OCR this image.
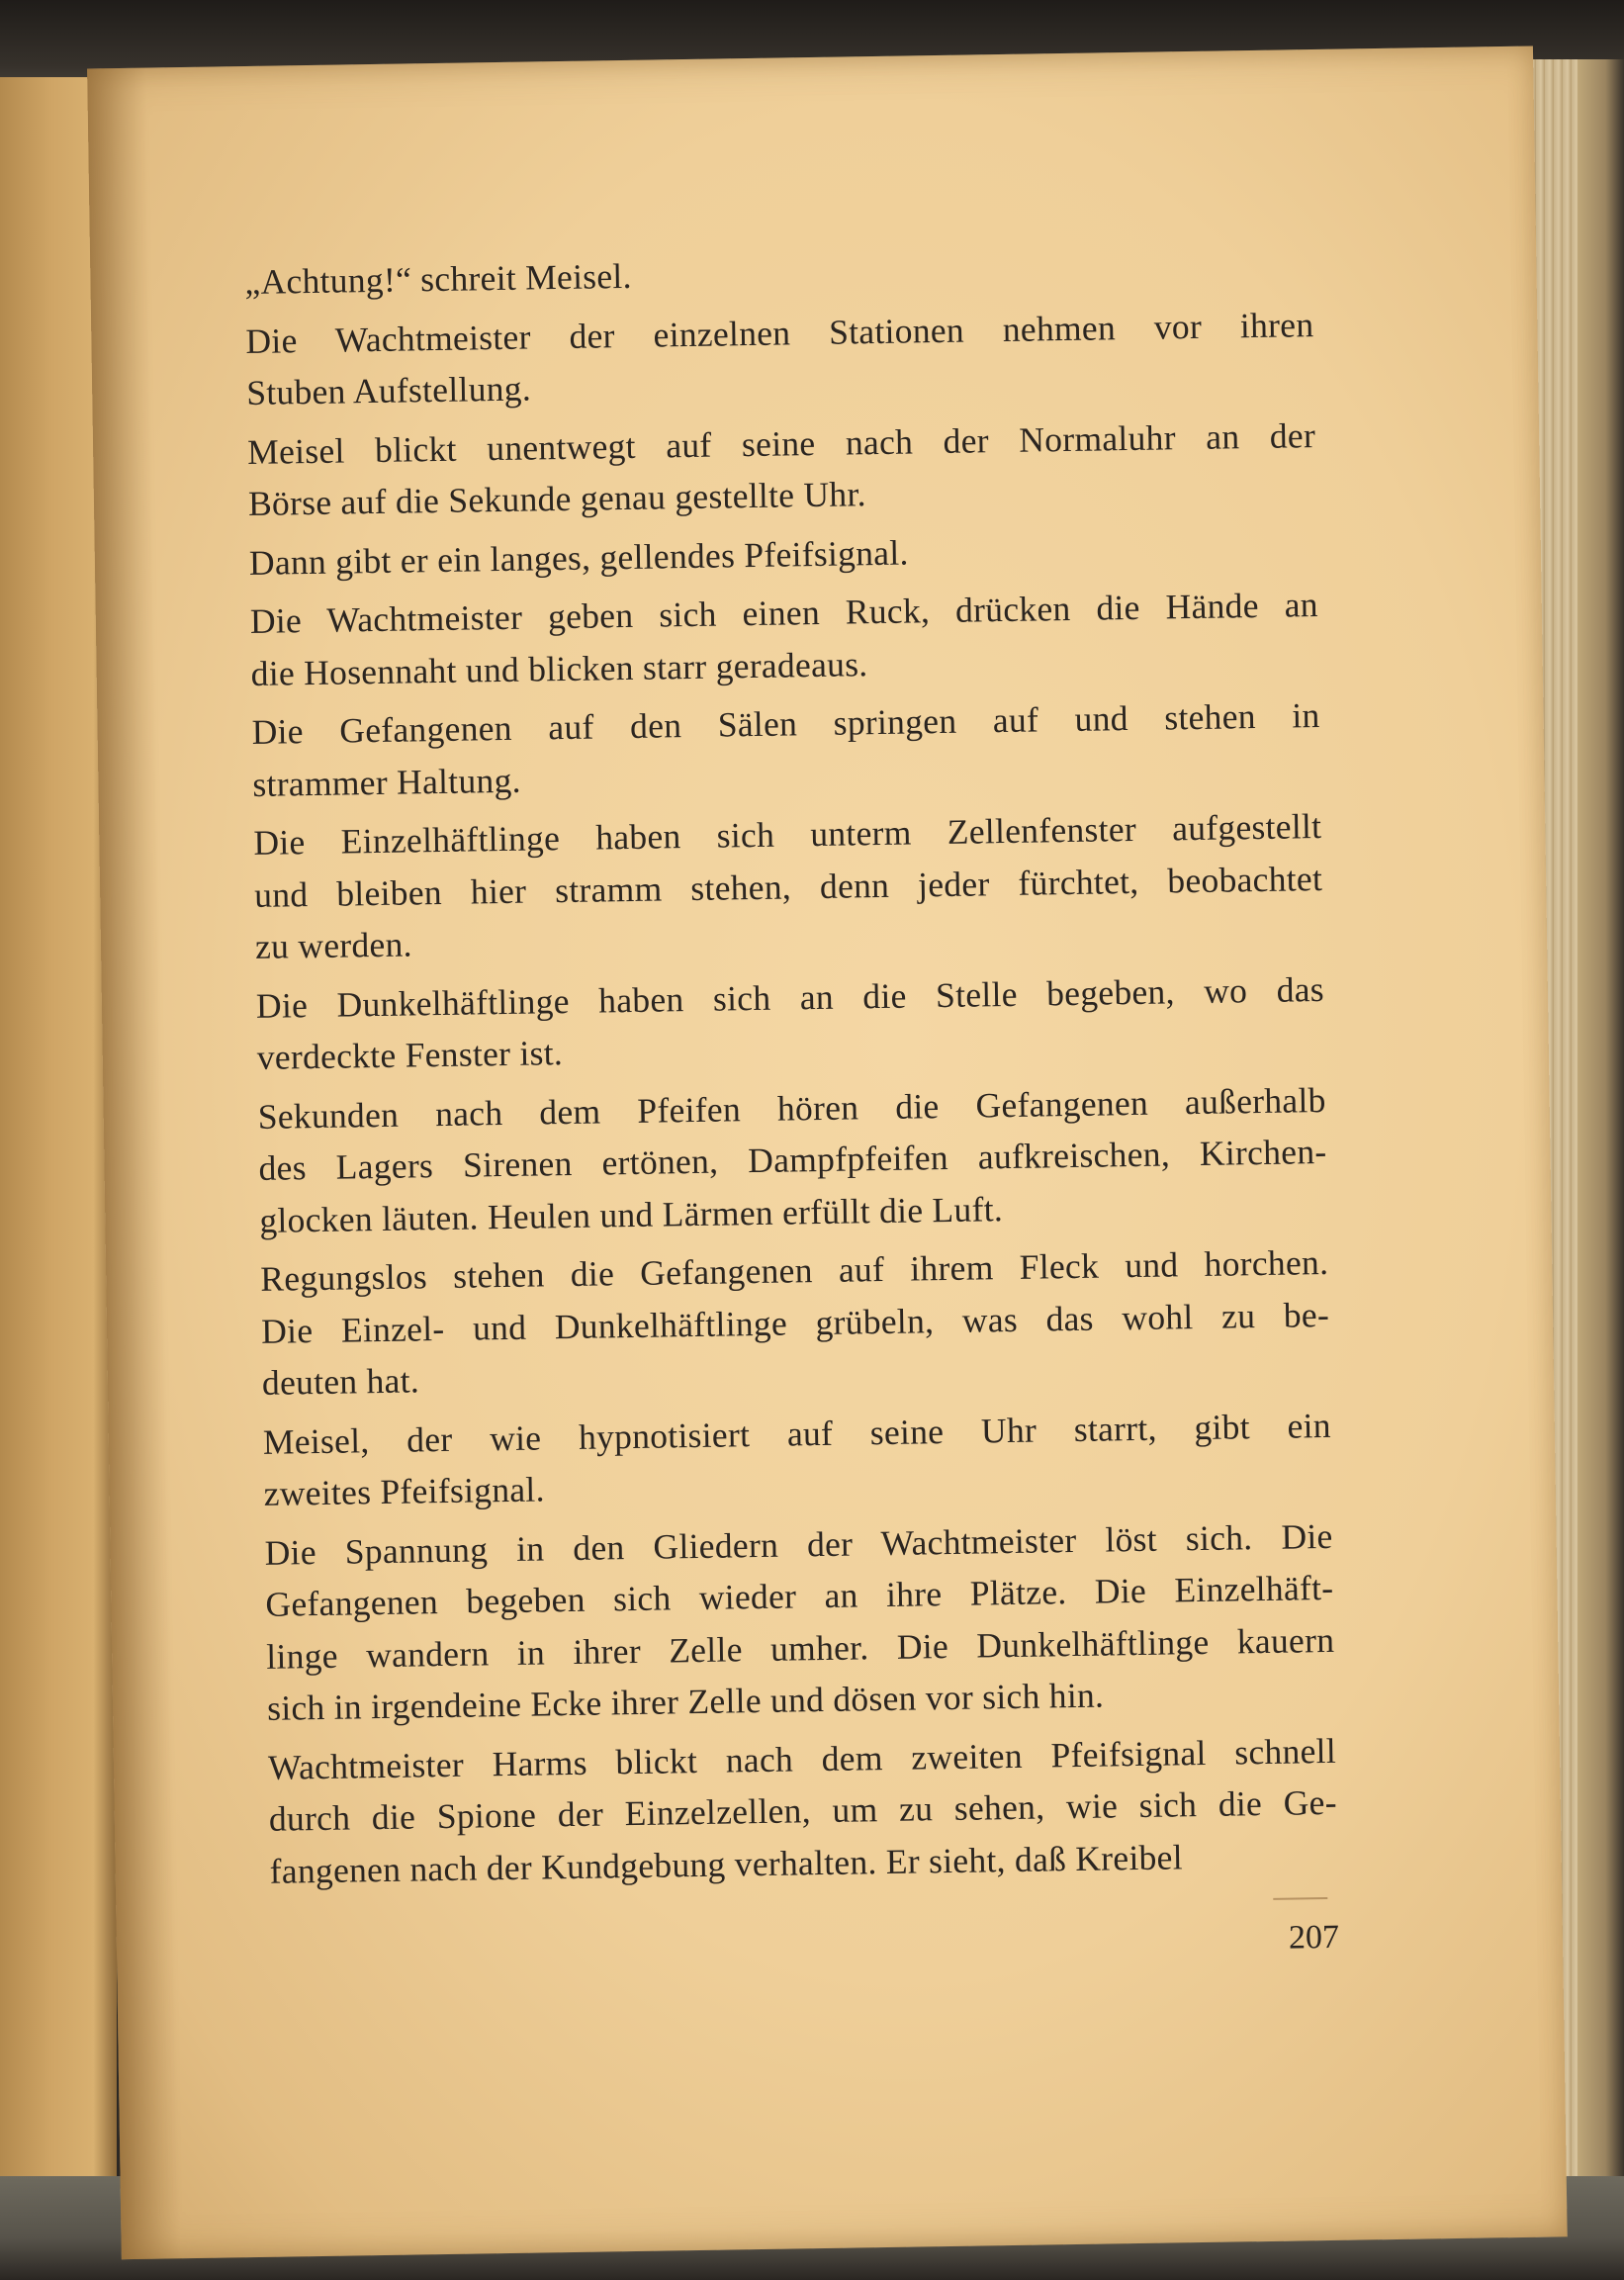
„Achtung!“ schreit Meisel.
Die Wachtmeister der einzelnen Stationen nehmen vor ihren
Stuben Aufstellung.
Meisel blickt unentwegt auf seine nach der Normaluhr an der
Börse auf die Sekunde genau gestellte Uhr.
Dann gibt er ein langes, gellendes Pfeifsignal.
Die Wachtmeister geben sich einen Ruck, drücken die Hände an
die Hosennaht und blicken starr geradeaus.
Die Gefangenen auf den Sälen springen auf und stehen in
strammer Haltung.
Die Einzelhäftlinge haben sich unterm Zellenfenster aufgestellt
und bleiben hier stramm stehen, denn jeder fürchtet, beobachtet
zu werden.
Die Dunkelhäftlinge haben sich an die Stelle begeben, wo das
verdeckte Fenster ist.
Sekunden nach dem Pfeifen hören die Gefangenen außerhalb
des Lagers Sirenen ertönen, Dampfpfeifen aufkreischen, Kirchen-
glocken läuten. Heulen und Lärmen erfüllt die Luft.
Regungslos stehen die Gefangenen auf ihrem Fleck und horchen.
Die Einzel- und Dunkelhäftlinge grübeln, was das wohl zu be-
deuten hat.
Meisel, der wie hypnotisiert auf seine Uhr starrt, gibt ein
zweites Pfeifsignal.
Die Spannung in den Gliedern der Wachtmeister löst sich. Die
Gefangenen begeben sich wieder an ihre Plätze. Die Einzelhäft-
linge wandern in ihrer Zelle umher. Die Dunkelhäftlinge kauern
sich in irgendeine Ecke ihrer Zelle und dösen vor sich hin.
Wachtmeister Harms blickt nach dem zweiten Pfeifsignal schnell
durch die Spione der Einzelzellen, um zu sehen, wie sich die Ge-
fangenen nach der Kundgebung verhalten. Er sieht, daß Kreibel
207
